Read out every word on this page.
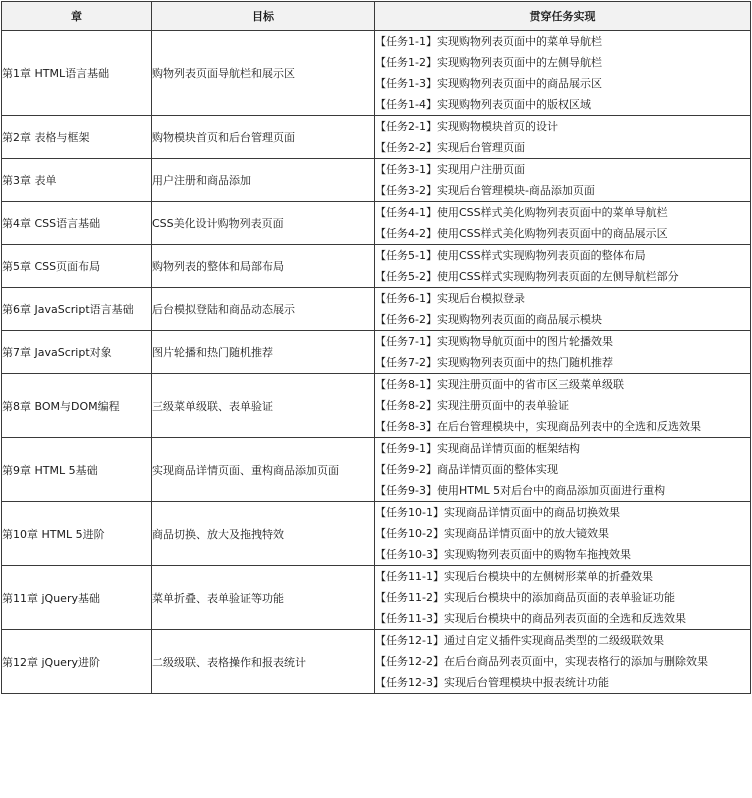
章	目标	贯穿任务实现
第1章 HTML语言基础	购物列表页面导航栏和展示区	【任务1-1】实现购物列表页面中的菜单导航栏
【任务1-2】实现购物列表页面中的左侧导航栏
【任务1-3】实现购物列表页面中的商品展示区
【任务1-4】实现购物列表页面中的版权区域

第2章 表格与框架	购物模块首页和后台管理页面	【任务2-1】实现购物模块首页的设计
【任务2-2】实现后台管理页面

第3章 表单	用户注册和商品添加	【任务3-1】实现用户注册页面
【任务3-2】实现后台管理模块-商品添加页面

第4章 CSS语言基础	CSS美化设计购物列表页面	【任务4-1】使用CSS样式美化购物列表页面中的菜单导航栏
【任务4-2】使用CSS样式美化购物列表页面中的商品展示区

第5章 CSS页面布局	购物列表的整体和局部布局	【任务5-1】使用CSS样式实现购物列表页面的整体布局
【任务5-2】使用CSS样式实现购物列表页面的左侧导航栏部分

第6章 JavaScript语言基础	后台模拟登陆和商品动态展示	【任务6-1】实现后台模拟登录
【任务6-2】实现购物列表页面的商品展示模块

第7章 JavaScript对象	图片轮播和热门随机推荐	【任务7-1】实现购物导航页面中的图片轮播效果
【任务7-2】实现购物列表页面中的热门随机推荐

第8章 BOM与DOM编程	三级菜单级联、表单验证	【任务8-1】实现注册页面中的省市区三级菜单级联
【任务8-2】实现注册页面中的表单验证
【任务8-3】在后台管理模块中，实现商品列表中的全选和反选效果

第9章 HTML 5基础	实现商品详情页面、重构商品添加页面	【任务9-1】实现商品详情页面的框架结构
【任务9-2】商品详情页面的整体实现
【任务9-3】使用HTML 5对后台中的商品添加页面进行重构

第10章 HTML 5进阶	商品切换、放大及拖拽特效	【任务10-1】实现商品详情页面中的商品切换效果
【任务10-2】实现商品详情页面中的放大镜效果
【任务10-3】实现购物列表页面中的购物车拖拽效果

第11章 jQuery基础	菜单折叠、表单验证等功能	【任务11-1】实现后台模块中的左侧树形菜单的折叠效果
【任务11-2】实现后台模块中的添加商品页面的表单验证功能
【任务11-3】实现后台模块中的商品列表页面的全选和反选效果

第12章 jQuery进阶	二级级联、表格操作和报表统计	【任务12-1】通过自定义插件实现商品类型的二级级联效果
【任务12-2】在后台商品列表页面中，实现表格行的添加与删除效果
【任务12-3】实现后台管理模块中报表统计功能
